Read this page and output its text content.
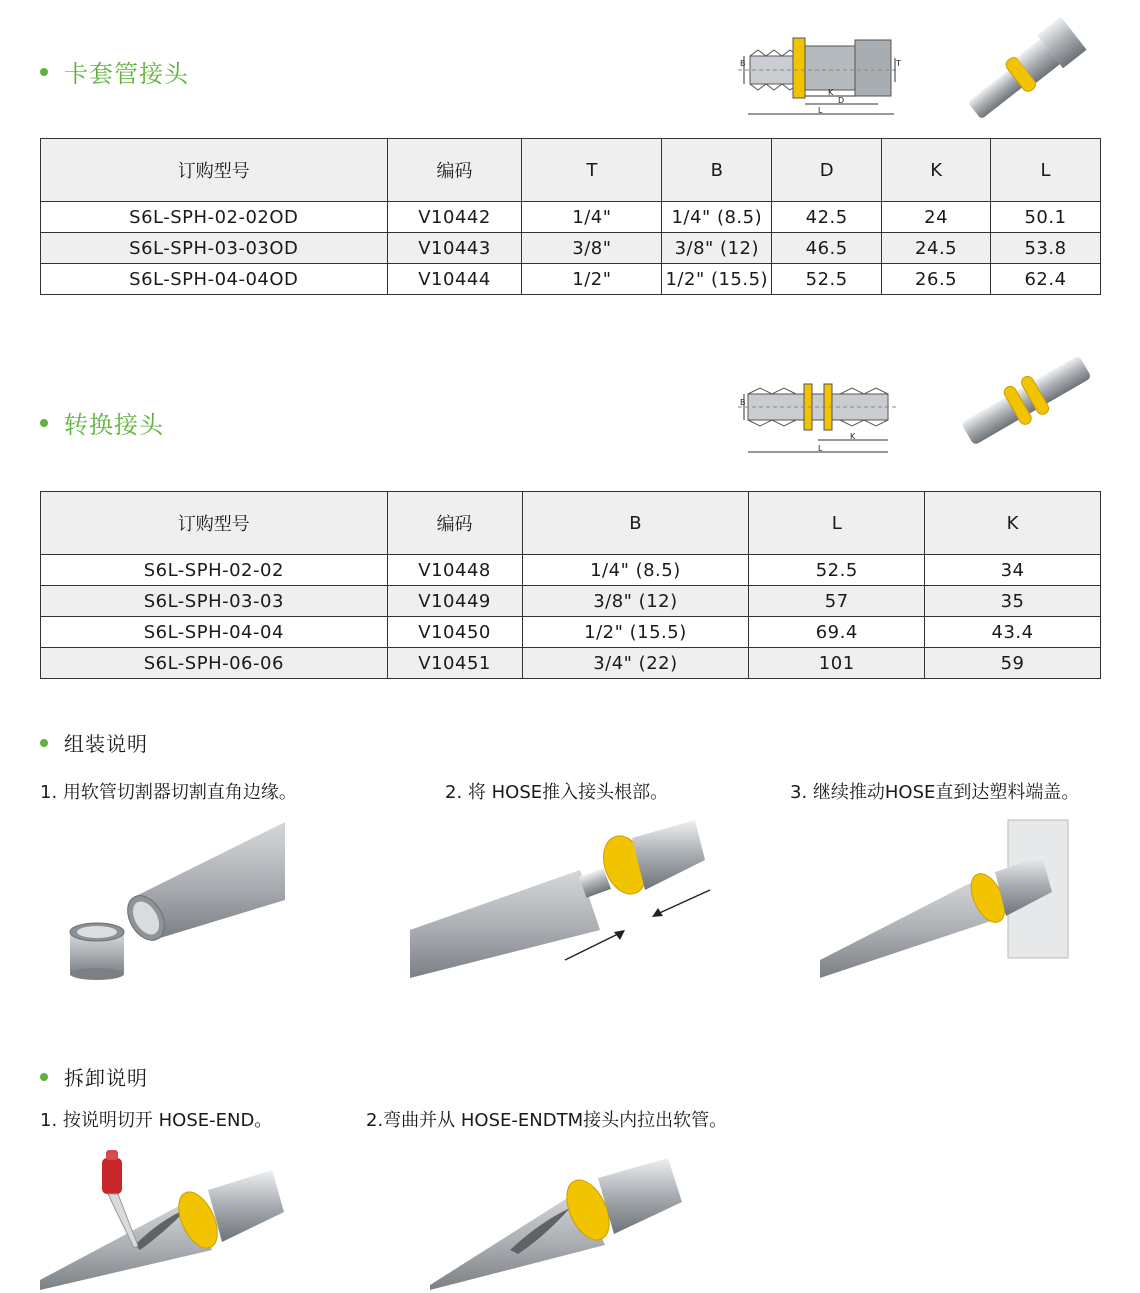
卡套管接头	B	T
K
D
L
订购型号	编码	T	B	D	K	L
S6L-SPH-02-02OD	V10442	1/4"	1/4" (8.5)	42.5	24	50.1
S6L-SPH-03-03OD	V10443	3/8"	3/8" (12)	46.5	24.5	53.8
S6L-SPH-04-04OD	V10444	1/2"	1/2" (15.5)	52.5	26.5	62.4
转换接头
B
K
L
订购型号	编码	B	L	K
S6L-SPH-02-02	V10448	1/4" (8.5)	52.5	34
S6L-SPH-03-03	V10449	3/8" (12)	57	35
S6L-SPH-04-04	V10450	1/2" (15.5)	69.4	43.4
S6L-SPH-06-06	V10451	3/4" (22)	101	59
组装说明
1. 用软管切割器切割直角边缘。	2. 将 HOSE推入接头根部。	3. 继续推动HOSE直到达塑料端盖。
拆卸说明
1. 按说明切开 HOSE-END。	2.弯曲并从 HOSE-ENDTM接头内拉出软管。
